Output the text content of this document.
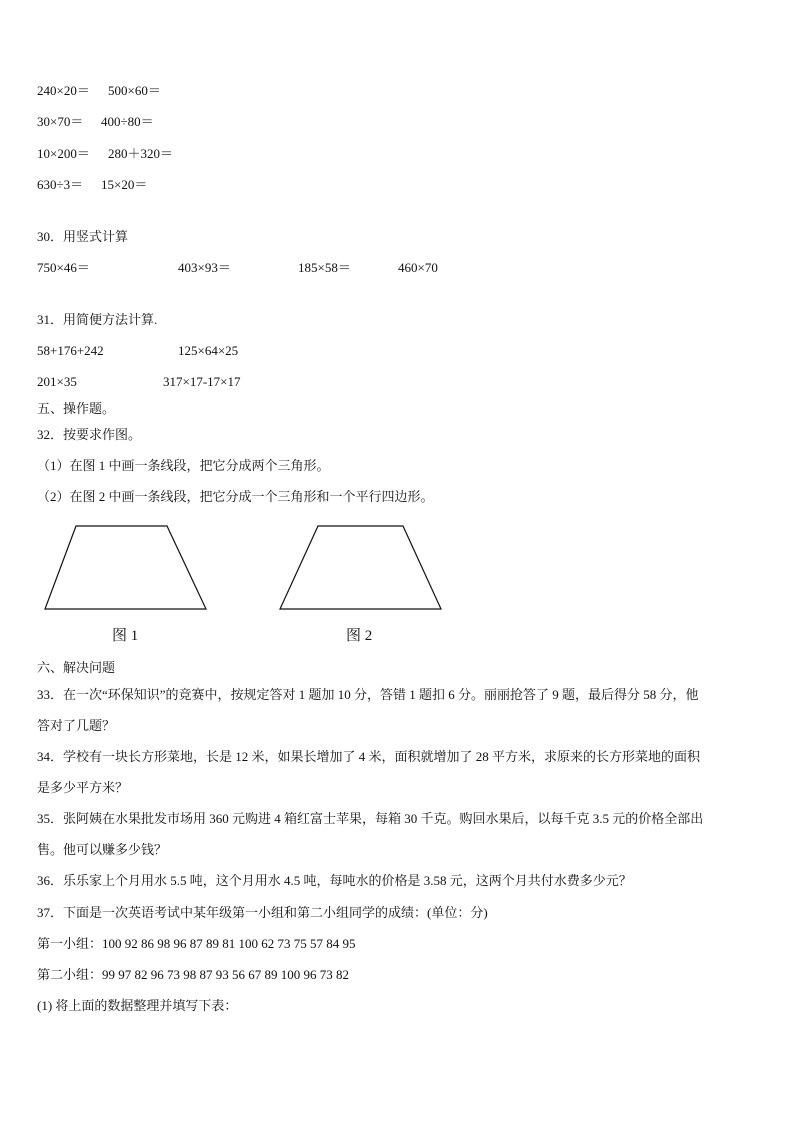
240×20＝ 500×60＝
30×70＝ 400÷80＝
10×200＝ 280＋320＝
630÷3＝ 15×20＝
30．用竖式计算
750×46＝	403×93＝	185×58＝	460×70
31．用简便方法计算.
58+176+242	125×64×25
201×35	317×17-17×17
五、操作题。
32．按要求作图。
（1）在图 1 中画一条线段，把它分成两个三角形。
（2）在图 2 中画一条线段，把它分成一个三角形和一个平行四边形。
图 1	图 2
六、解决问题
33．在一次“环保知识”的竞赛中，按规定答对 1 题加 10 分，答错 1 题扣 6 分。丽丽抢答了 9 题，最后得分 58 分，他
答对了几题？
34．学校有一块长方形菜地，长是 12 米，如果长增加了 4 米，面积就增加了 28 平方米，求原来的长方形菜地的面积
是多少平方米？
35．张阿姨在水果批发市场用 360 元购进 4 箱红富士苹果，每箱 30 千克。购回水果后，以每千克 3.5 元的价格全部出
售。他可以赚多少钱？
36．乐乐家上个月用水 5.5 吨，这个月用水 4.5 吨，每吨水的价格是 3.58 元，这两个月共付水费多少元？
37．下面是一次英语考试中某年级第一小组和第二小组同学的成绩：(单位：分)
第一小组：100 92 86 98 96 87 89 81 100 62 73 75 57 84 95
第二小组：99 97 82 96 73 98 87 93 56 67 89 100 96 73 82
(1) 将上面的数据整理并填写下表：
